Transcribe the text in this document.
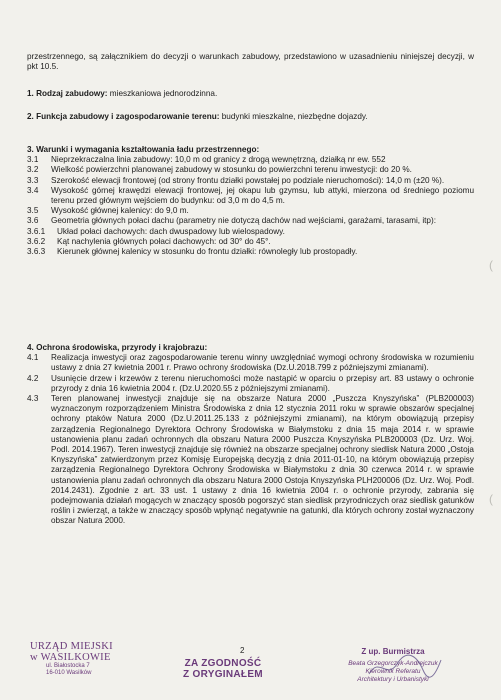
przestrzennego, są załącznikiem do decyzji o warunkach zabudowy, przedstawiono w uzasadnieniu niniejszej decyzji, w pkt 10.5.

1. Rodzaj zabudowy: mieszkaniowa jednorodzinna.
2. Funkcja zabudowy i zagospodarowanie terenu: budynki mieszkalne, niezbędne dojazdy.
3. Warunki i wymagania kształtowania ładu przestrzennego:
3.1	Nieprzekraczalna linia zabudowy: 10,0 m od granicy z drogą wewnętrzną, działką nr ew. 552
3.2	Wielkość powierzchni planowanej zabudowy w stosunku do powierzchni terenu inwestycji: do 20 %.
3.3	Szerokość elewacji frontowej (od strony frontu działki powstałej po podziale nieruchomości): 14,0 m (±20 %).
3.4	Wysokość górnej krawędzi elewacji frontowej, jej okapu lub gzymsu, lub attyki, mierzona od średniego poziomu terenu przed głównym wejściem do budynku: od 3,0 m do 4,5 m.
3.5	Wysokość głównej kalenicy: do 9,0 m.
3.6	Geometria głównych połaci dachu (parametry nie dotyczą dachów nad wejściami, garażami, tarasami, itp):
3.6.1	Układ połaci dachowych: dach dwuspadowy lub wielospadowy.
3.6.2	Kąt nachylenia głównych połaci dachowych: od 30° do 45°.
3.6.3	Kierunek głównej kalenicy w stosunku do frontu działki: równoległy lub prostopadły.
4. Ochrona środowiska, przyrody i krajobrazu:
4.1	Realizacja inwestycji oraz zagospodarowanie terenu winny uwzględniać wymogi ochrony środowiska w rozumieniu ustawy z dnia 27 kwietnia 2001 r. Prawo ochrony środowiska (Dz.U.2018.799 z późniejszymi zmianami).
4.2	Usunięcie drzew i krzewów z terenu nieruchomości może nastąpić w oparciu o przepisy art. 83 ustawy o ochronie przyrody z dnia 16 kwietnia 2004 r. (Dz.U.2020.55 z późniejszymi zmianami).
4.3	Teren planowanej inwestycji znajduje się na obszarze Natura 2000 „Puszcza Knyszyńska” (PLB200003) wyznaczonym rozporządzeniem Ministra Środowiska z dnia 12 stycznia 2011 roku w sprawie obszarów specjalnej ochrony ptaków Natura 2000 (Dz.U.2011.25.133 z późniejszymi zmianami), na którym obowiązują przepisy zarządzenia Regionalnego Dyrektora Ochrony Środowiska w Białymstoku z dnia 15 maja 2014 r. w sprawie ustanowienia planu zadań ochronnych dla obszaru Natura 2000 Puszcza Knyszyńska PLB200003 (Dz. Urz. Woj. Podl. 2014.1967). Teren inwestycji znajduje się również na obszarze specjalnej ochrony siedlisk Natura 2000 „Ostoja Knyszyńska” zatwierdzonym przez Komisję Europejską decyzją z dnia 2011-01-10, na którym obowiązują przepisy zarządzenia Regionalnego Dyrektora Ochrony Środowiska w Białymstoku z dnia 30 czerwca 2014 r. w sprawie ustanowienia planu zadań ochronnych dla obszaru Natura 2000 Ostoja Knyszyńska PLH200006 (Dz. Urz. Woj. Podl. 2014.2431). Zgodnie z art. 33 ust. 1 ustawy z dnia 16 kwietnia 2004 r. o ochronie przyrody, zabrania się podejmowania działań mogących w znaczący sposób pogorszyć stan siedlisk przyrodniczych oraz siedlisk gatunków roślin i zwierząt, a także w znaczący sposób wpłynąć negatywnie na gatunki, dla których ochrony został wyznaczony obszar Natura 2000.
(
(
URZĄD MIEJSKI
w WASILKOWIE
ul. Białostocka 7
16-010 Wasilków
2
ZA ZGODNOŚĆ
Z ORYGINAŁEM
Z up. Burmistrza
Beata Grzegorczyk-Andrejczuk
Kierownik Referatu
Architektury i Urbanistyki
